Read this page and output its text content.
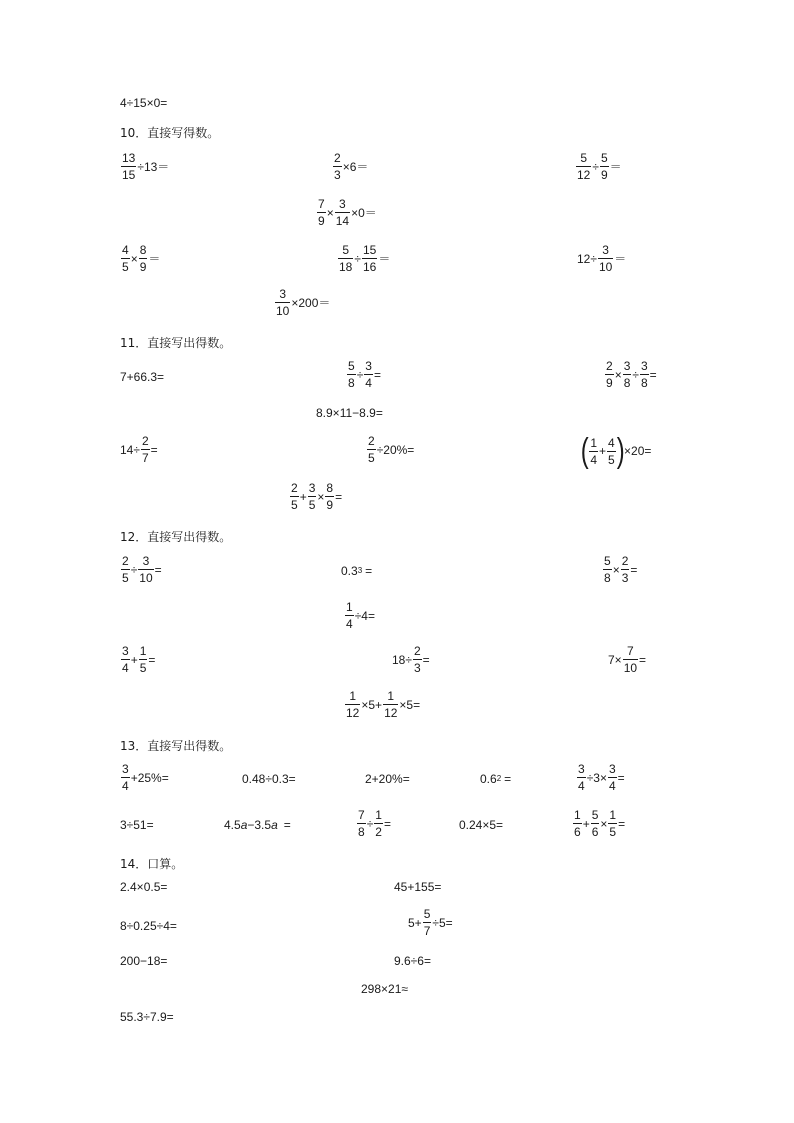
4÷15×0=
10．直接写得数。
$\frac{13}{15} \div 13=$	$\frac{2}{3} \times 6=$	$\frac{5}{12} \div \frac{5}{9}$ ＝
$\frac{7}{9} \times \frac{3}{14} \times 0=$
$\frac{4}{5} \times \frac{8}{9}$ ＝	$\frac{5}{18} \div \frac{15}{16}$ ＝	$12\div \frac{3}{10}$ ＝
$\frac{3}{10} \times 200=$
11．直接写出得数。
7+66.3=	$\frac{5}{8} \div \frac{3}{4}$ =	$\frac{2}{9} \times \frac{3}{8} \div \frac{3}{8}$ =
8.9×11−8.9=
$14\div \frac{2}{7}$ =	$\frac{2}{5} \div 20\%=$	( $\frac{1}{4} + \frac{4}{5}$ ) ×20=
$\frac{2}{5} + \frac{3}{5} \times \frac{8}{9}$ =
12．直接写出得数。
$\frac{2}{5} \div \frac{3}{10}$ =	0.3 3 =	$\frac{5}{8} \times \frac{2}{3}$ =
$\frac{1}{4} \div 4=$
$\frac{3}{4} + \frac{1}{5}$ =	$18\div \frac{2}{3}$ =	$7\times \frac{7}{10}$ =
$\frac{1}{12} \times 5+ \frac{1}{12} \times 5=$
13．直接写出得数。
$\frac{3}{4} +25\%=$	0.48÷0.3=	2+20%=	0.6 2 =	$\frac{3}{4} \div 3\times \frac{3}{4}$ =
3÷51=	4.5 a −3.5 a =	$\frac{7}{8} \div \frac{1}{2}$ =	0.24×5=	$\frac{1}{6} + \frac{5}{6} \times \frac{1}{5}$ =
14．口算。
2.4×0.5=	45+155=
8÷0.25÷4=	$5+ \frac{5}{7} \div 5=$
200−18=	9.6÷6=
298×21≈
55.3÷7.9=
